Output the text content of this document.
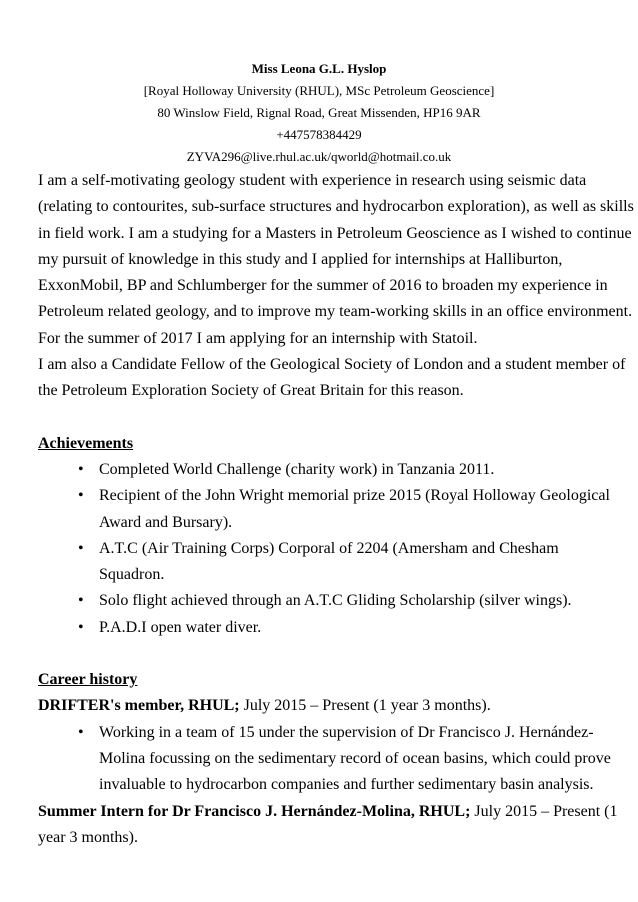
Miss Leona G.L. Hyslop
[Royal Holloway University (RHUL), MSc Petroleum Geoscience]
80 Winslow Field, Rignal Road, Great Missenden, HP16 9AR
+447578384429
ZYVA296@live.rhul.ac.uk/qworld@hotmail.co.uk

I am a self-motivating geology student with experience in research using seismic data

(relating to contourites, sub-surface structures and hydrocarbon exploration), as well as skills

in field work. I am a studying for a Masters in Petroleum Geoscience as I wished to continue

my pursuit of knowledge in this study and I applied for internships at Halliburton,

ExxonMobil, BP and Schlumberger for the summer of 2016 to broaden my experience in

Petroleum related geology, and to improve my team-working skills in an office environment.

For the summer of 2017 I am applying for an internship with Statoil.

I am also a Candidate Fellow of the Geological Society of London and a student member of

the Petroleum Exploration Society of Great Britain for this reason.

Achievements

• Completed World Challenge (charity work) in Tanzania 2011.
• Recipient of the John Wright memorial prize 2015 (Royal Holloway Geological
Award and Bursary).
• A.T.C (Air Training Corps) Corporal of 2204 (Amersham and Chesham
Squadron.
• Solo flight achieved through an A.T.C Gliding Scholarship (silver wings).
• P.A.D.I open water diver.

Career history

DRIFTER's member, RHUL; July 2015 – Present (1 year 3 months).

• Working in a team of 15 under the supervision of Dr Francisco J. Hernández-
Molina focussing on the sedimentary record of ocean basins, which could prove
invaluable to hydrocarbon companies and further sedimentary basin analysis.

Summer Intern for Dr Francisco J. Hernández-Molina, RHUL; July 2015 – Present (1

year 3 months).
